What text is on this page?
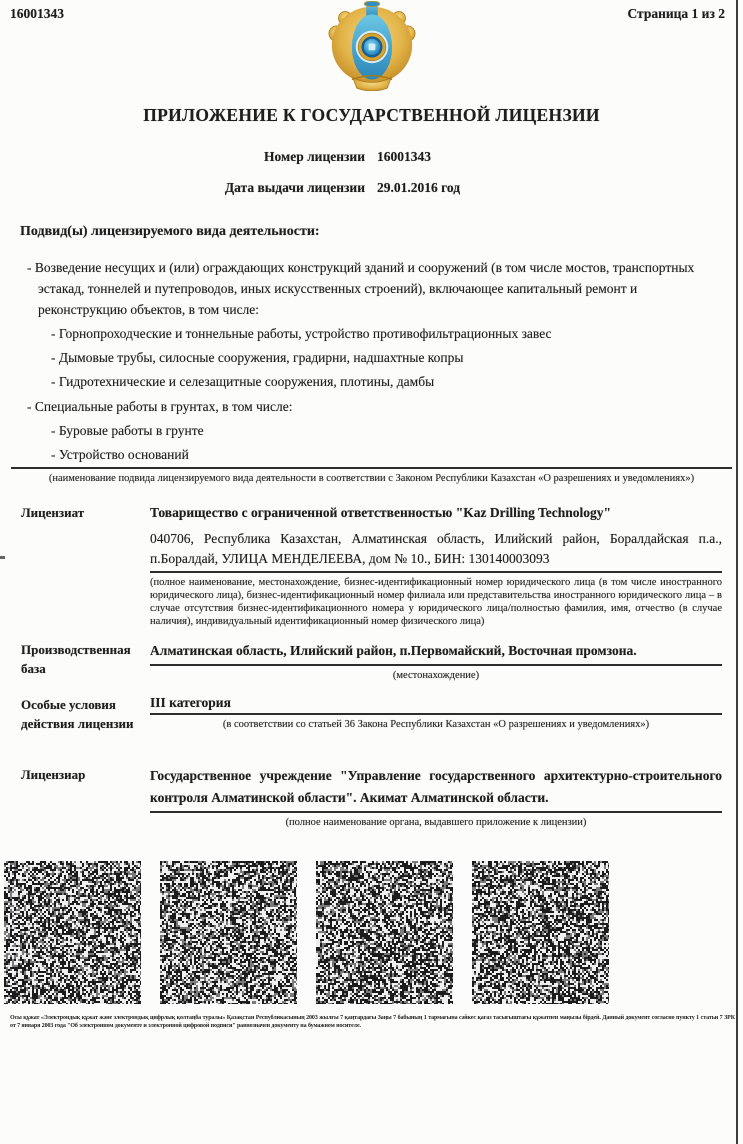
16001343	Страница 1 из 2
ПРИЛОЖЕНИЕ К ГОСУДАРСТВЕННОЙ ЛИЦЕНЗИИ
Номер лицензии 16001343
Дата выдачи лицензии 29.01.2016 год
Подвид(ы) лицензируемого вида деятельности:
- Возведение несущих и (или) ограждающих конструкций зданий и сооружений (в том числе мостов, транспортных эстакад, тоннелей и путепроводов, иных искусственных строений), включающее капитальный ремонт и реконструкцию объектов, в том числе:
- Горнопроходческие и тоннельные работы, устройство противофильтрационных завес
- Дымовые трубы, силосные сооружения, градирни, надшахтные копры
- Гидротехнические и селезащитные сооружения, плотины, дамбы
- Специальные работы в грунтах, в том числе:
- Буровые работы в грунте
- Устройство оснований
(наименование подвида лицензируемого вида деятельности в соответствии с Законом Республики Казахстан «О разрешениях и уведомлениях»)
Лицензиат	Товарищество с ограниченной ответственностью "Kaz Drilling Technology"

040706, Республика Казахстан, Алматинская область, Илийский район, Боралдайская п.а., п.Боралдай, УЛИЦА МЕНДЕЛЕЕВА, дом № 10., БИН: 130140003093

(полное наименование, местонахождение, бизнес-идентификационный номер юридического лица (в том числе иностранного юридического лица), бизнес-идентификационный номер филиала или представительства иностранного юридического лица – в случае отсутствия бизнес-идентификационного номера у юридического лица/полностью фамилия, имя, отчество (в случае наличия), индивидуальный идентификационный номер физического лица)
Производственная база

Алматинская область, Илийский район, п.Первомайский, Восточная промзона.

(местонахождение)
Особые условия действия лицензии

III категория

(в соответствии со статьей 36 Закона Республики Казахстан «О разрешениях и уведомлениях»)
Лицензиар	Государственное учреждение "Управление государственного архитектурно-строительного контроля Алматинской области". Акимат Алматинской области.

(полное наименование органа, выдавшего приложение к лицензии)
Осы құжат «Электрондық құжат және электрондық цифрлық қолтаңба туралы» Қазақстан Республикасының 2003 жылғы 7 қаңтардағы Заңы 7 бабының 1 тармағына сәйкес қағаз тасығыштағы құжатпен маңызы бірдей. Данный документ согласно пункту 1 статьи 7 ЗРК от 7 января 2003 года "Об электронном документе и электронной цифровой подписи" равнозначен документу на бумажном носителе.
